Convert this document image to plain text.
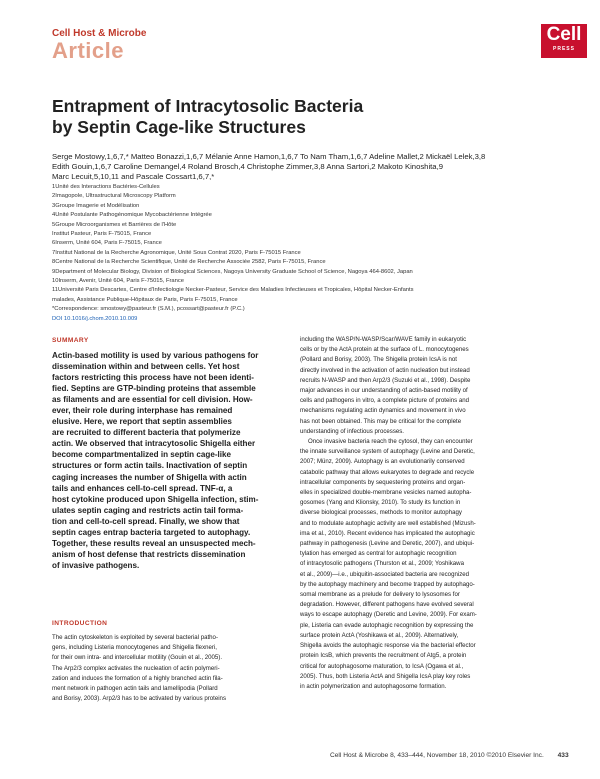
Cell Host & Microbe
Article
Cell
PRESS
Entrapment of Intracytosolic Bacteria
by Septin Cage-like Structures
Serge Mostowy,1,6,7,* Matteo Bonazzi,1,6,7 Mélanie Anne Hamon,1,6,7 To Nam Tham,1,6,7 Adeline Mallet,2 Mickaël Lelek,3,8
Edith Gouin,1,6,7 Caroline Demangel,4 Roland Brosch,4 Christophe Zimmer,3,8 Anna Sartori,2 Makoto Kinoshita,9
Marc Lecuit,5,10,11 and Pascale Cossart1,6,7,*
1Unité des Interactions Bactéries-Cellules
2Imagopole, Ultrastructural Microscopy Platform
3Groupe Imagerie et Modélisation
4Unité Postulante Pathogénomique Mycobactérienne Intégrée
5Groupe Microorganismes et Barrières de l'Hôte
Institut Pasteur, Paris F-75015, France
6Inserm, Unité 604, Paris F-75015, France
7Institut National de la Recherche Agronomique, Unité Sous Contrat 2020, Paris F-75015 France
8Centre National de la Recherche Scientifique, Unité de Recherche Associée 2582, Paris F-75015, France
9Department of Molecular Biology, Division of Biological Sciences, Nagoya University Graduate School of Science, Nagoya 464-8602, Japan
10Inserm, Avenir, Unité 604, Paris F-75015, France
11Université Paris Descartes, Centre d'Infectiologie Necker-Pasteur, Service des Maladies Infectieuses et Tropicales, Hôpital Necker-Enfants
malades, Assistance Publique-Hôpitaux de Paris, Paris F-75015, France
*Correspondence: smostowy@pasteur.fr (S.M.), pcossart@pasteur.fr (P.C.)
DOI 10.1016/j.chom.2010.10.009
SUMMARY
Actin-based motility is used by various pathogens for
dissemination within and between cells. Yet host
factors restricting this process have not been identi-
fied. Septins are GTP-binding proteins that assemble
as filaments and are essential for cell division. How-
ever, their role during interphase has remained
elusive. Here, we report that septin assemblies
are recruited to different bacteria that polymerize
actin. We observed that intracytosolic Shigella either
become compartmentalized in septin cage-like
structures or form actin tails. Inactivation of septin
caging increases the number of Shigella with actin
tails and enhances cell-to-cell spread. TNF-α, a
host cytokine produced upon Shigella infection, stim-
ulates septin caging and restricts actin tail forma-
tion and cell-to-cell spread. Finally, we show that
septin cages entrap bacteria targeted to autophagy.
Together, these results reveal an unsuspected mech-
anism of host defense that restricts dissemination
of invasive pathogens.
INTRODUCTION
The actin cytoskeleton is exploited by several bacterial patho-
gens, including Listeria monocytogenes and Shigella flexneri,
for their own intra- and intercellular motility (Gouin et al., 2005).
The Arp2/3 complex activates the nucleation of actin polymeri-
zation and induces the formation of a highly branched actin fila-
ment network in pathogen actin tails and lamellipodia (Pollard
and Borisy, 2003). Arp2/3 has to be activated by various proteins
including the WASP/N-WASP/Scar/WAVE family in eukaryotic
cells or by the ActA protein at the surface of L. monocytogenes
(Pollard and Borisy, 2003). The Shigella protein IcsA is not
directly involved in the activation of actin nucleation but instead
recruits N-WASP and then Arp2/3 (Suzuki et al., 1998). Despite
major advances in our understanding of actin-based motility of
cells and pathogens in vitro, a complete picture of proteins and
mechanisms regulating actin dynamics and movement in vivo
has not been obtained. This may be critical for the complete
understanding of infectious processes.
Once invasive bacteria reach the cytosol, they can encounter
the innate surveillance system of autophagy (Levine and Deretic,
2007; Münz, 2009). Autophagy is an evolutionarily conserved
catabolic pathway that allows eukaryotes to degrade and recycle
intracellular components by sequestering proteins and organ-
elles in specialized double-membrane vesicles named autopha-
gosomes (Yang and Klionsky, 2010). To study its function in
diverse biological processes, methods to monitor autophagy
and to modulate autophagic activity are well established (Mizush-
ima et al., 2010). Recent evidence has implicated the autophagic
pathway in pathogenesis (Levine and Deretic, 2007), and ubiqui-
tylation has emerged as central for autophagic recognition
of intracytosolic pathogens (Thurston et al., 2009; Yoshikawa
et al., 2009)—i.e., ubiquitin-associated bacteria are recognized
by the autophagy machinery and become trapped by autophago-
somal membrane as a prelude for delivery to lysosomes for
degradation. However, different pathogens have evolved several
ways to escape autophagy (Deretic and Levine, 2009). For exam-
ple, Listeria can evade autophagic recognition by expressing the
surface protein ActA (Yoshikawa et al., 2009). Alternatively,
Shigella avoids the autophagic response via the bacterial effector
protein IcsB, which prevents the recruitment of Atg5, a protein
critical for autophagosome maturation, to IcsA (Ogawa et al.,
2005). Thus, both Listeria ActA and Shigella IcsA play key roles
in actin polymerization and autophagosome formation.
Cell Host & Microbe 8, 433–444, November 18, 2010 ©2010 Elsevier Inc. 433
